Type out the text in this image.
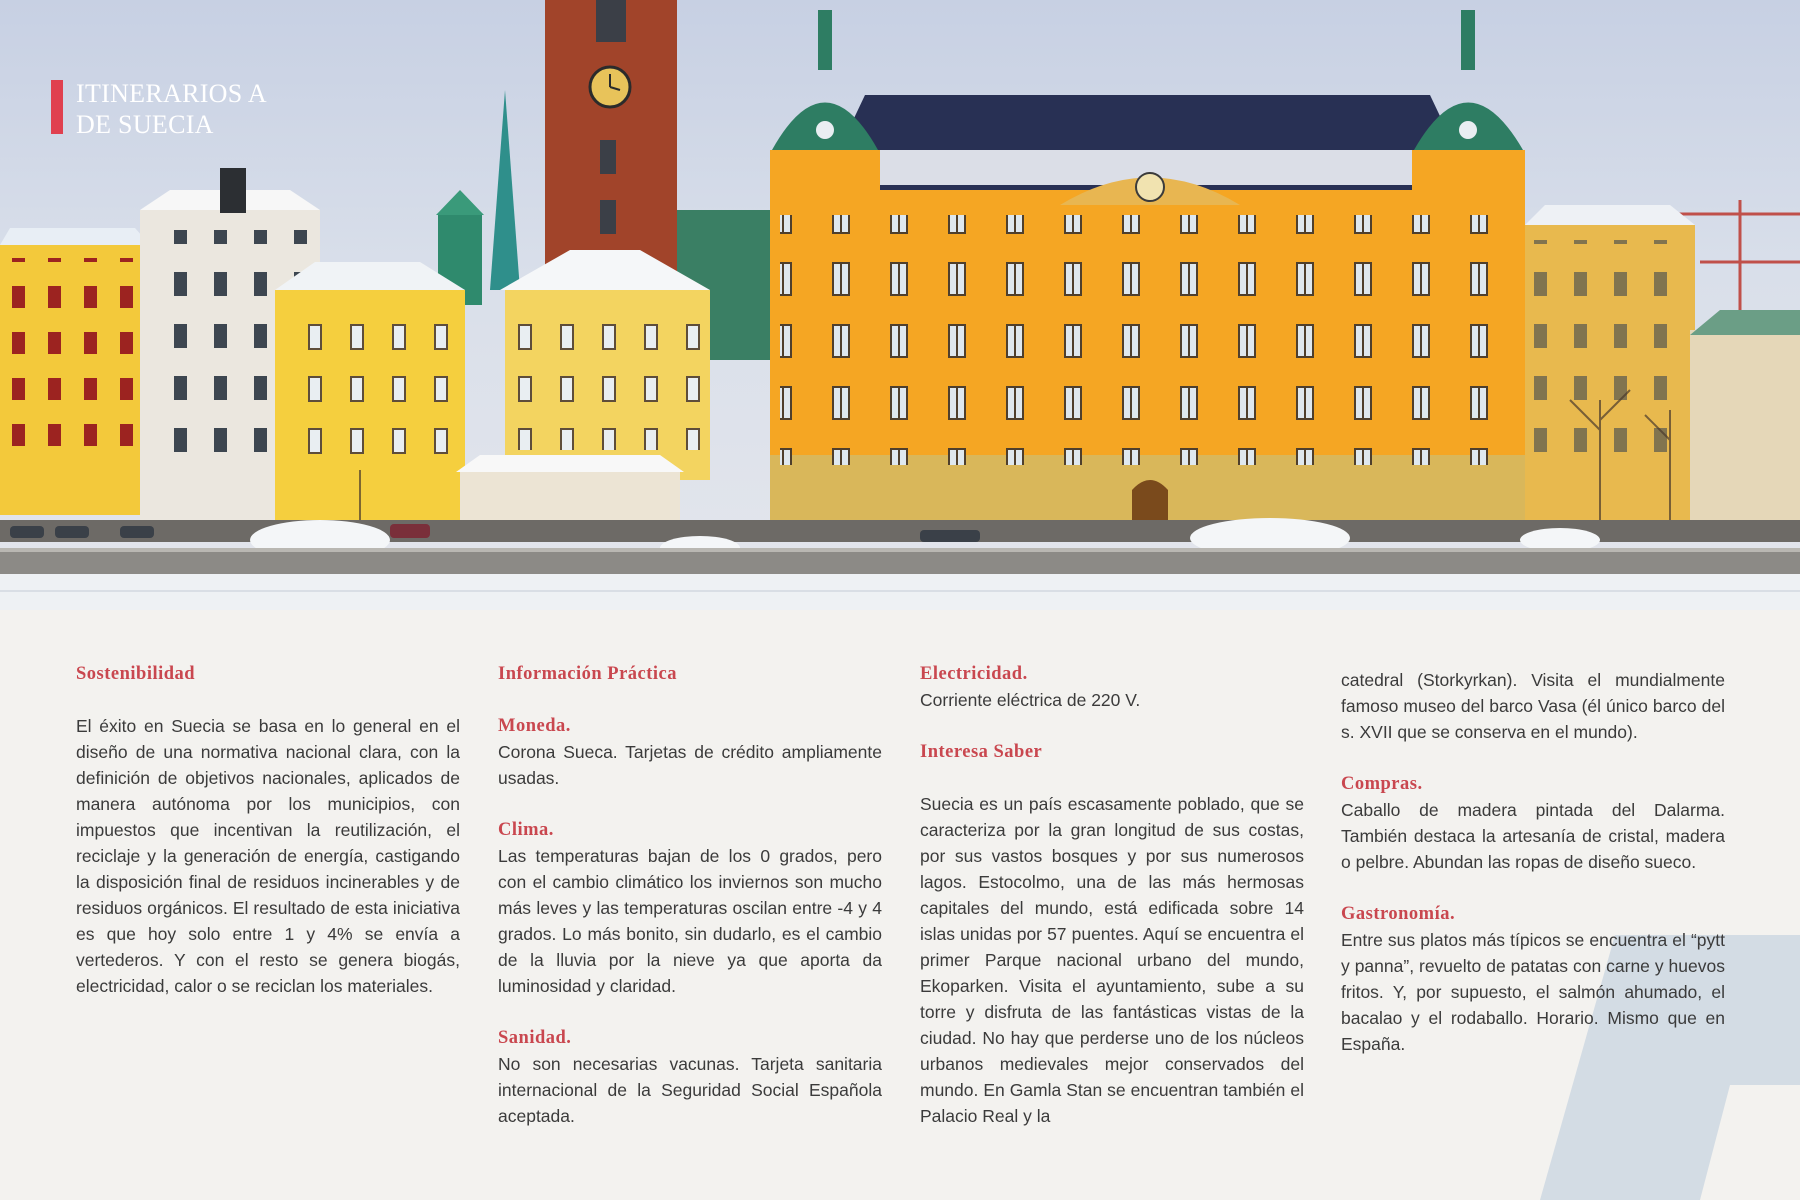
ITINERARIOS A
DE SUECIA
Sostenibilidad
El éxito en Suecia se basa en lo general en el diseño de una normativa nacional clara, con la definición de objetivos nacionales, aplicados de manera autónoma por los municipios, con impuestos que incentivan la reutilización, el reciclaje y la generación de energía, castigando la disposición final de residuos incinerables y de residuos orgánicos. El resultado de esta iniciativa es que hoy solo entre 1 y 4% se envía a vertederos. Y con el resto se genera biogás, electricidad, calor o se reciclan los materiales.
Información Práctica
Moneda.
Corona Sueca. Tarjetas de crédito ampliamente usadas.
Clima.
Las temperaturas bajan de los 0 grados, pero con el cambio climático los inviernos son mucho más leves y las temperaturas oscilan entre -4 y 4 grados. Lo más bonito, sin dudarlo, es el cambio de la lluvia por la nieve ya que aporta da luminosidad y claridad.
Sanidad.
No son necesarias vacunas. Tarjeta sanitaria internacional de la Seguridad Social Española aceptada.
Electricidad.
Corriente eléctrica de 220 V.
Interesa Saber
Suecia es un país escasamente poblado, que se caracteriza por la gran longitud de sus costas, por sus vastos bosques y por sus numerosos lagos. Estocolmo, una de las más hermosas capitales del mundo, está edificada sobre 14 islas unidas por 57 puentes. Aquí se encuentra el primer Parque nacional urbano del mundo, Ekoparken. Visita el ayuntamiento, sube a su torre y disfruta de las fantásticas vistas de la ciudad. No hay que perderse uno de los núcleos urbanos medievales mejor conservados del mundo. En Gamla Stan se encuentran también el Palacio Real y la
catedral (Storkyrkan). Visita el mundialmente famoso museo del barco Vasa (él único barco del s. XVII que se conserva en el mundo).
Compras.
Caballo de madera pintada del Dalarma. También destaca la artesanía de cristal, madera o pelbre. Abundan las ropas de diseño sueco.
Gastronomía.
Entre sus platos más típicos se encuentra el “pytt y panna”, revuelto de patatas con carne y huevos fritos. Y, por supuesto, el salmón ahumado, el bacalao y el rodaballo. Horario. Mismo que en España.
